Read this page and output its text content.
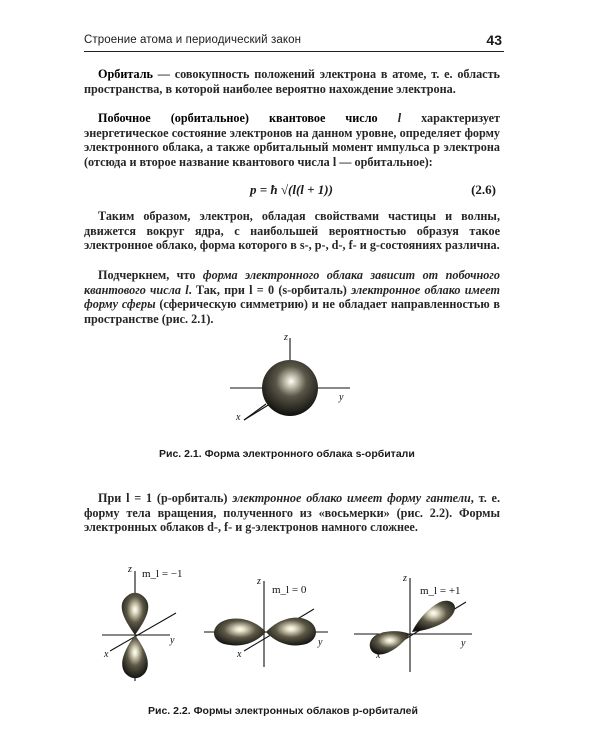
Строение атома и периодический закон	43
Орбиталь — совокупность положений электрона в атоме, т. е. область пространства, в которой наиболее вероятно нахождение электрона.
Побочное (орбитальное) квантовое число l характеризует энергетическое состояние электронов на данном уровне, определяет форму электронного облака, а также орбитальный момент импульса p электрона (отсюда и второе название квантового числа l — орбитальное):
p = ħ √(l(l + 1))	(2.6)
Таким образом, электрон, обладая свойствами частицы и волны, движется вокруг ядра, с наибольшей вероятностью образуя такое электронное облако, форма которого в s-, p-, d-, f- и g-состояниях различна.
Подчеркнем, что форма электронного облака зависит от побочного квантового числа l. Так, при l = 0 (s-орбиталь) электронное облако имеет форму сферы (сферическую симметрию) и не обладает направленностью в пространстве (рис. 2.1).
z
y
x
Рис. 2.1. Форма электронного облака s-орбитали
При l = 1 (p-орбиталь) электронное облако имеет форму гантели, т. е. форму тела вращения, полученного из «восьмерки» (рис. 2.2). Формы электронных облаков d-, f- и g-электронов намного сложнее.
z
y
x
m_l = −1
z
y
x
m_l = 0
z
y
x
m_l = +1
Рис. 2.2. Формы электронных облаков p-орбиталей
